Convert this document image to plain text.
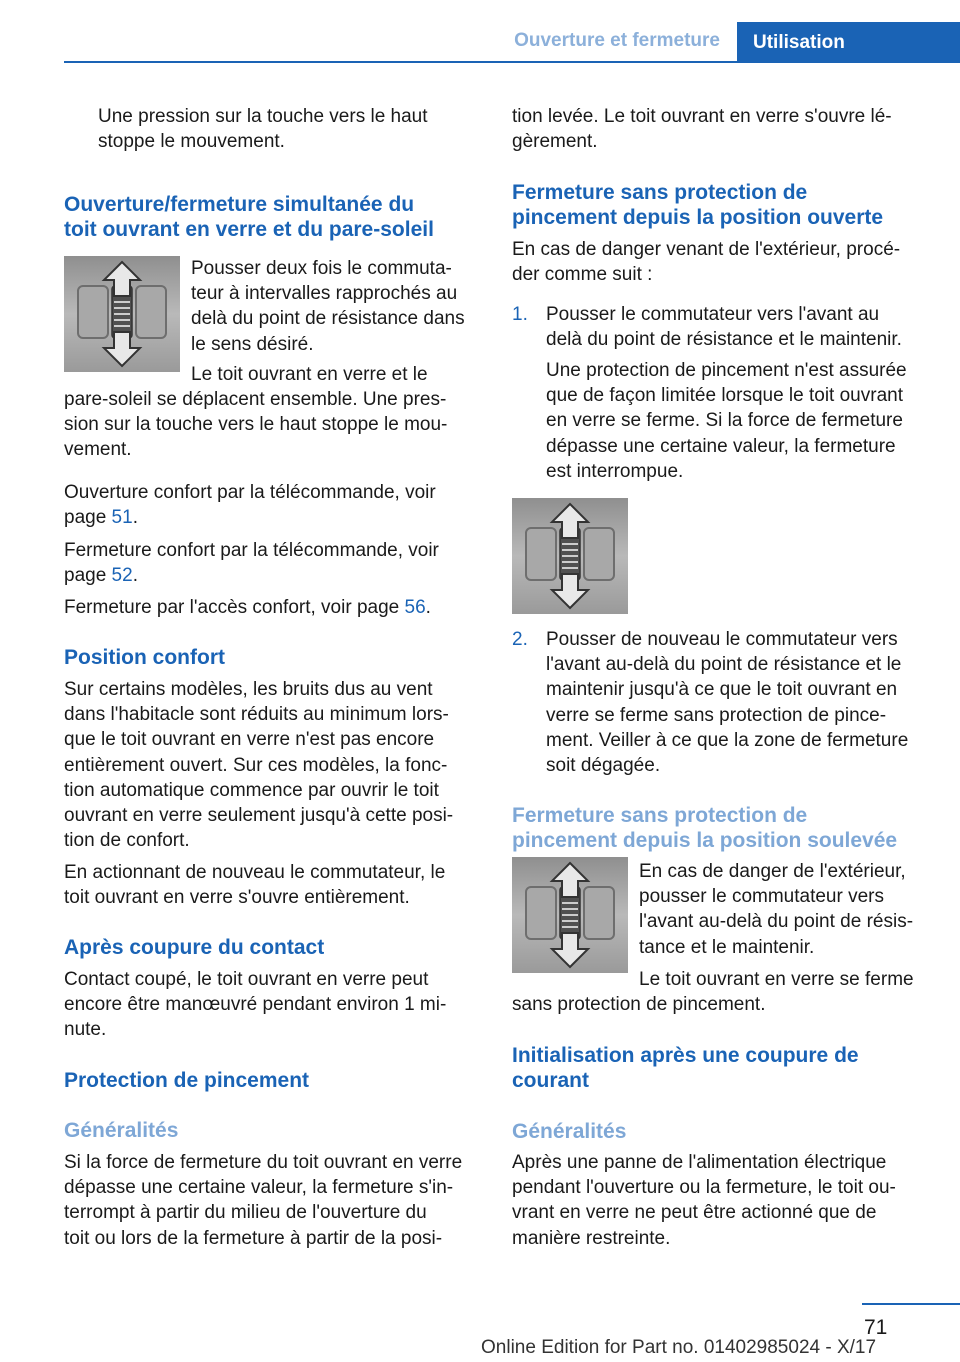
Ouverture et fermeture	Utilisation
Une pression sur la touche vers le haut
stoppe le mouvement.
Ouverture/fermeture simultanée du
toit ouvrant en verre et du pare-soleil
Pousser deux fois le commuta-
teur à intervalles rapprochés au
delà du point de résistance dans
le sens désiré.
Le toit ouvrant en verre et le
pare-soleil se déplacent ensemble. Une pres-
sion sur la touche vers le haut stoppe le mou-
vement.
Ouverture confort par la télécommande, voir
page 51.
Fermeture confort par la télécommande, voir
page 52.
Fermeture par l'accès confort, voir page 56.
Position confort
Sur certains modèles, les bruits dus au vent
dans l'habitacle sont réduits au minimum lors-
que le toit ouvrant en verre n'est pas encore
entièrement ouvert. Sur ces modèles, la fonc-
tion automatique commence par ouvrir le toit
ouvrant en verre seulement jusqu'à cette posi-
tion de confort.
En actionnant de nouveau le commutateur, le
toit ouvrant en verre s'ouvre entièrement.
Après coupure du contact
Contact coupé, le toit ouvrant en verre peut
encore être manœuvré pendant environ 1 mi-
nute.
Protection de pincement
Généralités
Si la force de fermeture du toit ouvrant en verre
dépasse une certaine valeur, la fermeture s'in-
terrompt à partir du milieu de l'ouverture du
toit ou lors de la fermeture à partir de la posi-
tion levée. Le toit ouvrant en verre s'ouvre lé-
gèrement.
Fermeture sans protection de
pincement depuis la position ouverte
En cas de danger venant de l'extérieur, procé-
der comme suit :
1. Pousser le commutateur vers l'avant au
delà du point de résistance et le maintenir.
Une protection de pincement n'est assurée
que de façon limitée lorsque le toit ouvrant
en verre se ferme. Si la force de fermeture
dépasse une certaine valeur, la fermeture
est interrompue.
2. Pousser de nouveau le commutateur vers
l'avant au-delà du point de résistance et le
maintenir jusqu'à ce que le toit ouvrant en
verre se ferme sans protection de pince-
ment. Veiller à ce que la zone de fermeture
soit dégagée.
Fermeture sans protection de
pincement depuis la position soulevée
En cas de danger de l'extérieur,
pousser le commutateur vers
l'avant au-delà du point de résis-
tance et le maintenir.
Le toit ouvrant en verre se ferme
sans protection de pincement.
Initialisation après une coupure de
courant
Généralités
Après une panne de l'alimentation électrique
pendant l'ouverture ou la fermeture, le toit ou-
vrant en verre ne peut être actionné que de
manière restreinte.
71
Online Edition for Part no. 01402985024 - X/17
